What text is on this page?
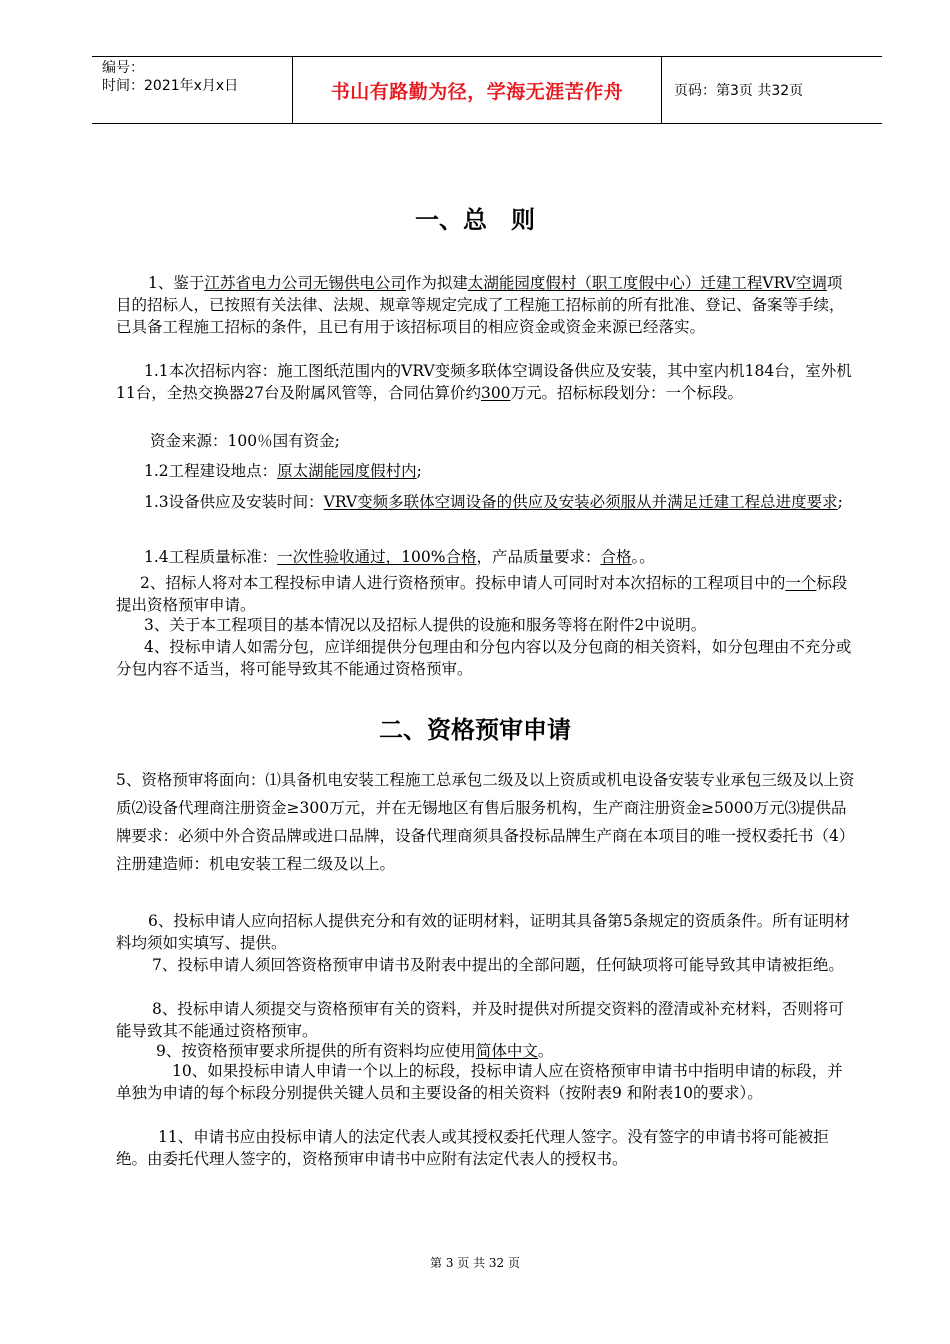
编号：
时间：2021年x月x日	书山有路勤为径，学海无涯苦作舟	页码：第3页 共32页
一、总　则

1、鉴于江苏省电力公司无锡供电公司作为拟建太湖能园度假村（职工度假中心）迁建工程VRV空调项目的招标人，已按照有关法律、法规、规章等规定完成了工程施工招标前的所有批准、登记、备案等手续，已具备工程施工招标的条件，且已有用于该招标项目的相应资金或资金来源已经落实。

1.1本次招标内容：施工图纸范围内的VRV变频多联体空调设备供应及安装，其中室内机184台，室外机11台，全热交换器27台及附属风管等，合同估算价约300万元。招标标段划分：一个标段。

资金来源：100％国有资金;

1.2工程建设地点：原太湖能园度假村内;

1.3设备供应及安装时间：VRV变频多联体空调设备的供应及安装必须服从并满足迁建工程总进度要求;

1.4工程质量标准：一次性验收通过，100%合格，产品质量要求：合格。。

2、招标人将对本工程投标申请人进行资格预审。投标申请人可同时对本次招标的工程项目中的一个标段提出资格预审申请。

3、关于本工程项目的基本情况以及招标人提供的设施和服务等将在附件2中说明。

4、投标申请人如需分包，应详细提供分包理由和分包内容以及分包商的相关资料，如分包理由不充分或分包内容不适当，将可能导致其不能通过资格预审。

二、资格预审申请

5、资格预审将面向：⑴具备机电安装工程施工总承包二级及以上资质或机电设备安装专业承包三级及以上资质⑵设备代理商注册资金≥300万元，并在无锡地区有售后服务机构，生产商注册资金≥5000万元⑶提供品牌要求：必须中外合资品牌或进口品牌，设备代理商须具备投标品牌生产商在本项目的唯一授权委托书（4）注册建造师：机电安装工程二级及以上。

6、投标申请人应向招标人提供充分和有效的证明材料，证明其具备第5条规定的资质条件。所有证明材料均须如实填写、提供。

7、投标申请人须回答资格预审申请书及附表中提出的全部问题，任何缺项将可能导致其申请被拒绝。

8、投标申请人须提交与资格预审有关的资料，并及时提供对所提交资料的澄清或补充材料，否则将可能导致其不能通过资格预审。

9、按资格预审要求所提供的所有资料均应使用简体中文。

10、如果投标申请人申请一个以上的标段，投标申请人应在资格预审申请书中指明申请的标段，并单独为申请的每个标段分别提供关键人员和主要设备的相关资料（按附表9 和附表10的要求）。

11、申请书应由投标申请人的法定代表人或其授权委托代理人签字。没有签字的申请书将可能被拒绝。由委托代理人签字的，资格预审申请书中应附有法定代表人的授权书。

第 3 页 共 32 页
